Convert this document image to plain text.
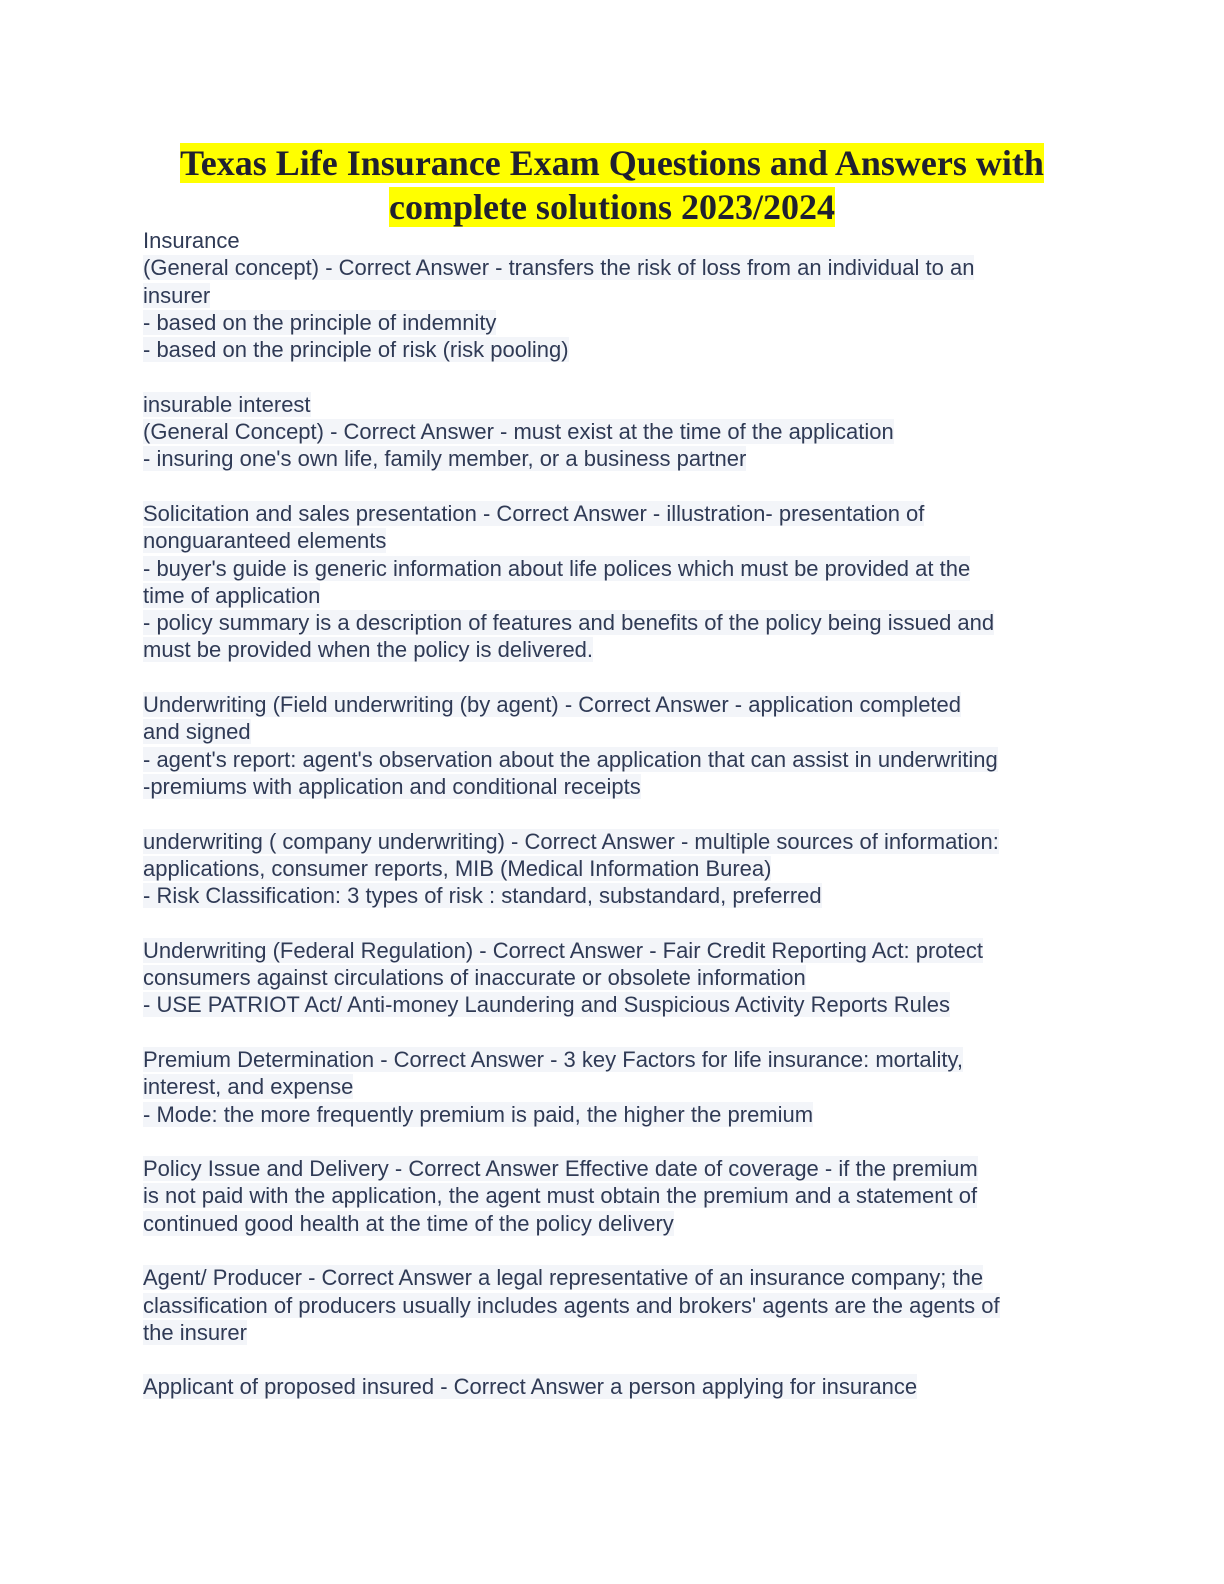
Texas Life Insurance Exam Questions and Answers with
complete solutions 2023/2024
Insurance
(General concept) - Correct Answer - transfers the risk of loss from an individual to an
insurer
- based on the principle of indemnity
- based on the principle of risk (risk pooling)
insurable interest
(General Concept) - Correct Answer - must exist at the time of the application
- insuring one's own life, family member, or a business partner
Solicitation and sales presentation - Correct Answer - illustration- presentation of
nonguaranteed elements
- buyer's guide is generic information about life polices which must be provided at the
time of application
- policy summary is a description of features and benefits of the policy being issued and
must be provided when the policy is delivered.
Underwriting (Field underwriting (by agent) - Correct Answer - application completed
and signed
- agent's report: agent's observation about the application that can assist in underwriting
-premiums with application and conditional receipts
underwriting ( company underwriting) - Correct Answer - multiple sources of information:
applications, consumer reports, MIB (Medical Information Burea)
- Risk Classification: 3 types of risk : standard, substandard, preferred
Underwriting (Federal Regulation) - Correct Answer - Fair Credit Reporting Act: protect
consumers against circulations of inaccurate or obsolete information
- USE PATRIOT Act/ Anti-money Laundering and Suspicious Activity Reports Rules
Premium Determination - Correct Answer - 3 key Factors for life insurance: mortality,
interest, and expense
- Mode: the more frequently premium is paid, the higher the premium
Policy Issue and Delivery - Correct Answer Effective date of coverage - if the premium
is not paid with the application, the agent must obtain the premium and a statement of
continued good health at the time of the policy delivery
Agent/ Producer - Correct Answer a legal representative of an insurance company; the
classification of producers usually includes agents and brokers' agents are the agents of
the insurer
Applicant of proposed insured - Correct Answer a person applying for insurance
